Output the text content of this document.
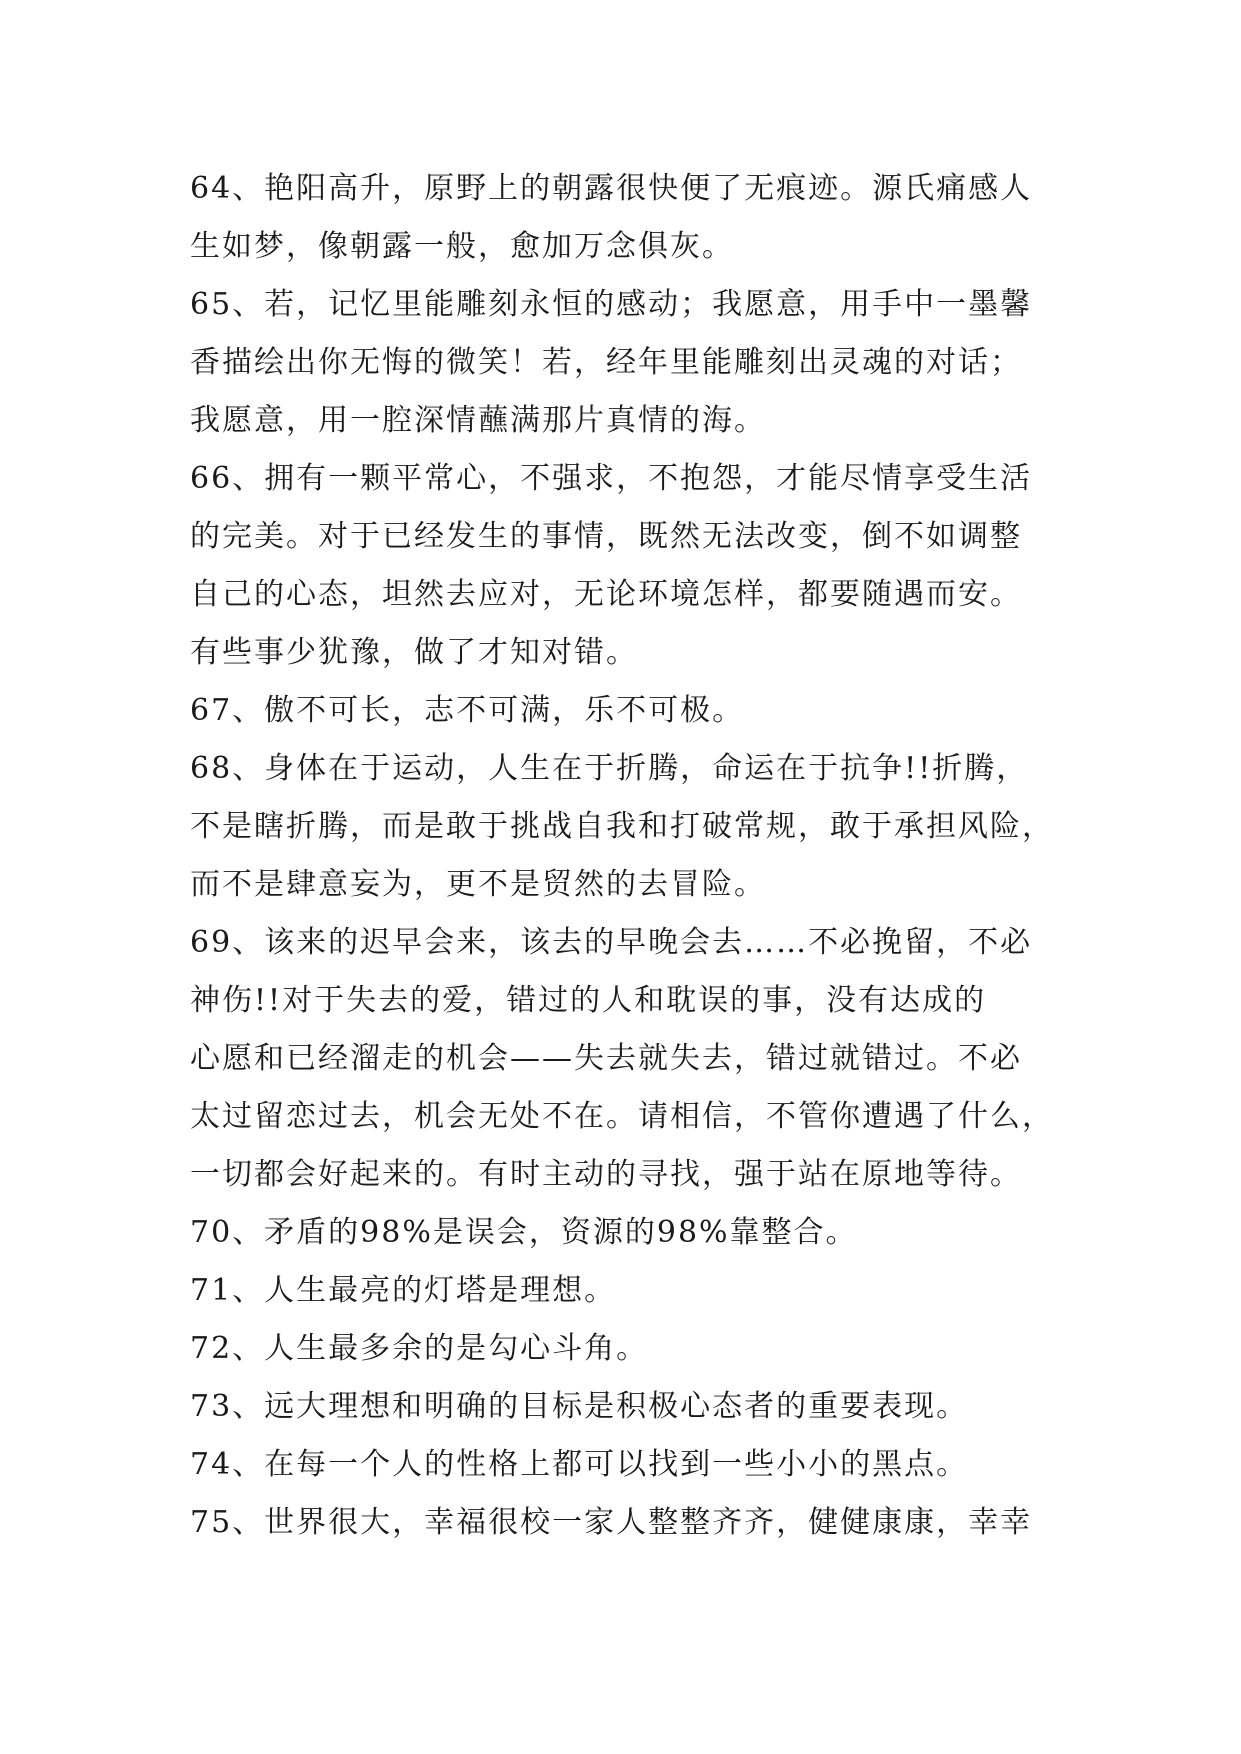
64、艳阳高升，原野上的朝露很快便了无痕迹。源氏痛感人
生如梦，像朝露一般，愈加万念俱灰。
65、若，记忆里能雕刻永恒的感动；我愿意，用手中一墨馨
香描绘出你无悔的微笑！若，经年里能雕刻出灵魂的对话；
我愿意，用一腔深情蘸满那片真情的海。
66、拥有一颗平常心，不强求，不抱怨，才能尽情享受生活
的完美。对于已经发生的事情，既然无法改变，倒不如调整
自己的心态，坦然去应对，无论环境怎样，都要随遇而安。
有些事少犹豫，做了才知对错。
67、傲不可长，志不可满，乐不可极。
68、身体在于运动，人生在于折腾，命运在于抗争!!折腾，
不是瞎折腾，而是敢于挑战自我和打破常规，敢于承担风险，
而不是肆意妄为，更不是贸然的去冒险。
69、该来的迟早会来，该去的早晚会去……不必挽留，不必
神伤!!对于失去的爱，错过的人和耽误的事，没有达成的
心愿和已经溜走的机会——失去就失去，错过就错过。不必
太过留恋过去，机会无处不在。请相信，不管你遭遇了什么，
一切都会好起来的。有时主动的寻找，强于站在原地等待。
70、矛盾的98%是误会，资源的98%靠整合。
71、人生最亮的灯塔是理想。
72、人生最多余的是勾心斗角。
73、远大理想和明确的目标是积极心态者的重要表现。
74、在每一个人的性格上都可以找到一些小小的黑点。
75、世界很大，幸福很校一家人整整齐齐，健健康康，幸幸
